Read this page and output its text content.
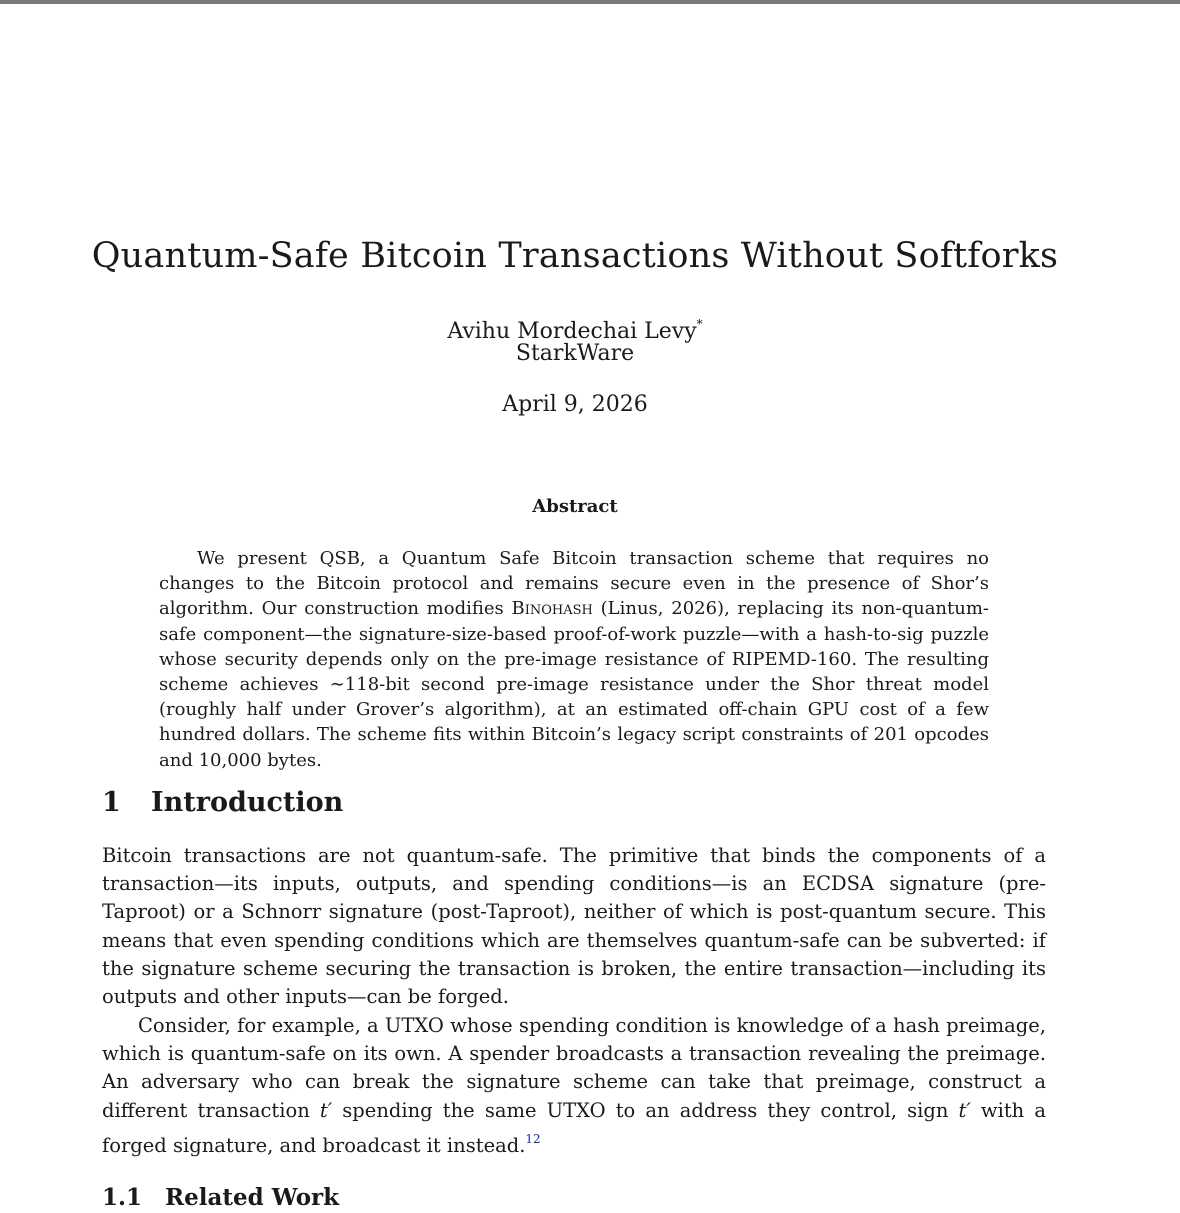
Quantum-Safe Bitcoin Transactions Without Softforks
Avihu Mordechai Levy*
StarkWare
April 9, 2026
Abstract

We present QSB, a Quantum Safe Bitcoin transaction scheme that requires no changes to the Bitcoin protocol and remains secure even in the presence of Shor’s algorithm. Our construction modifies Binohash (Linus, 2026), replacing its non-quantum-safe component—the signature-size-based proof-of-work puzzle—with a hash-to-sig puzzle whose security depends only on the pre-image resistance of RIPEMD-160. The resulting scheme achieves ∼118-bit second pre-image resistance under the Shor threat model (roughly half under Grover’s algorithm), at an estimated off-chain GPU cost of a few hundred dollars. The scheme fits within Bitcoin’s legacy script constraints of 201 opcodes and 10,000 bytes.

1 Introduction

Bitcoin transactions are not quantum-safe. The primitive that binds the components of a transaction—its inputs, outputs, and spending conditions—is an ECDSA signature (pre-Taproot) or a Schnorr signature (post-Taproot), neither of which is post-quantum secure. This means that even spending conditions which are themselves quantum-safe can be subverted: if the signature scheme securing the transaction is broken, the entire transaction—including its outputs and other inputs—can be forged.

Consider, for example, a UTXO whose spending condition is knowledge of a hash preimage, which is quantum-safe on its own. A spender broadcasts a transaction revealing the preimage. An adversary who can break the signature scheme can take that preimage, construct a different transaction t′ spending the same UTXO to an address they control, sign t′ with a forged signature, and broadcast it instead.$^{12}$

1.1 Related Work
